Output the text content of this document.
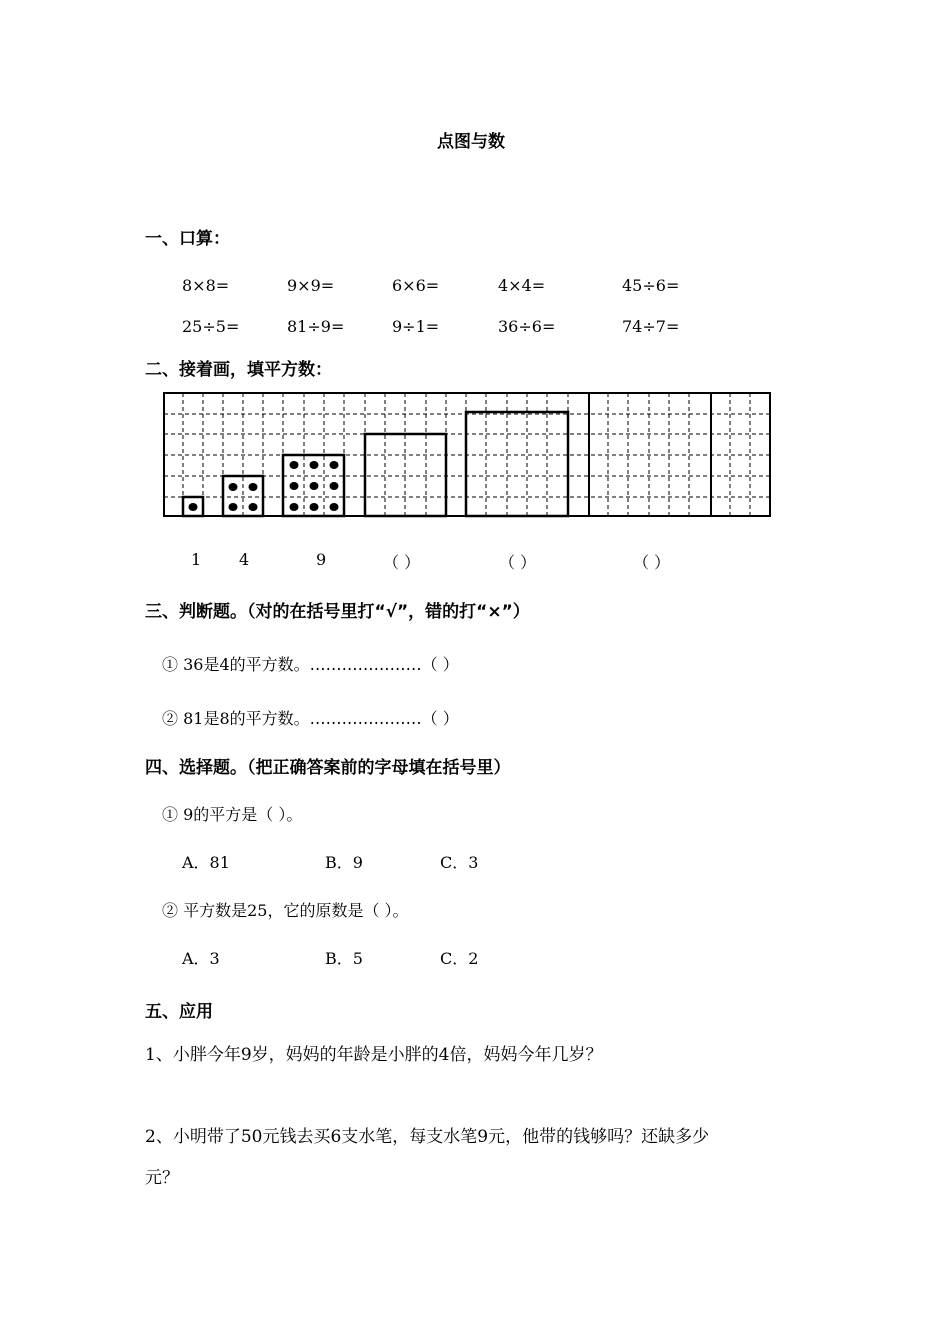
点图与数
一、口算：
8×8=	9×9=	6×6=	4×4=	45÷6=
25÷5=	81÷9=	9÷1=	36÷6=	74÷7=
二、接着画，填平方数：
1 4	9	（ ）	（ ）	（ ）
三、判断题。（对的在括号里打“√”，错的打“×”）
① 36是4的平方数。…………………（ ）
② 81是8的平方数。…………………（ ）
四、选择题。（把正确答案前的字母填在括号里）
① 9的平方是（ ）。
A．81	B．9	C．3
② 平方数是25，它的原数是（ ）。
A．3	B．5	C．2
五、应用
1、小胖今年9岁，妈妈的年龄是小胖的4倍，妈妈今年几岁？
2、小明带了50元钱去买6支水笔，每支水笔9元，他带的钱够吗？还缺多少
元？
